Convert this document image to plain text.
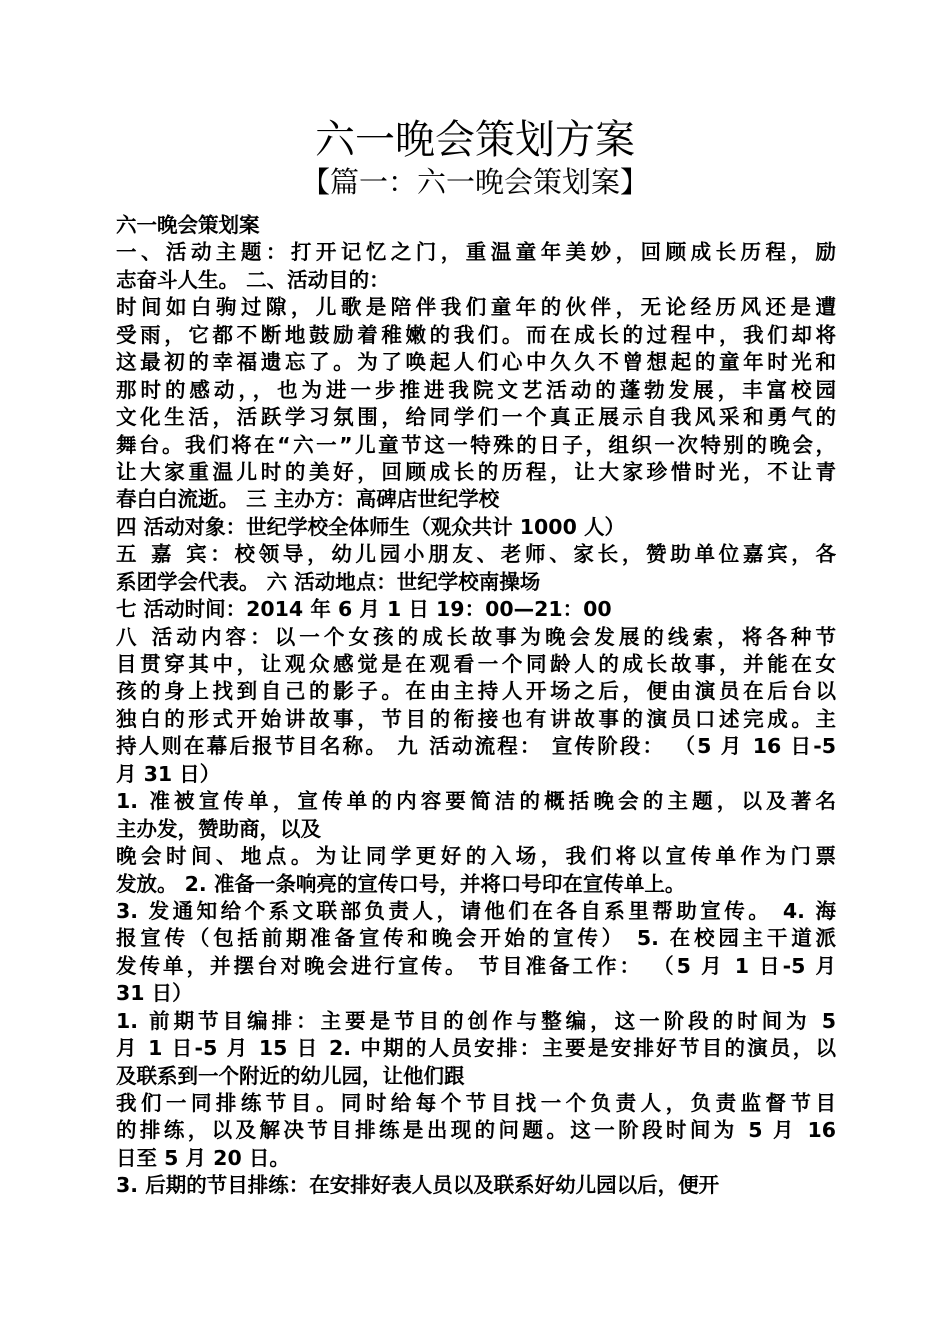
六一晚会策划方案
【篇一：六一晚会策划案】
六一晚会策划案
一、活动主题：打开记忆之门，重温童年美妙，回顾成长历程，励
志奋斗人生。 二、活动目的：
时间如白驹过隙，儿歌是陪伴我们童年的伙伴，无论经历风还是遭
受雨，它都不断地鼓励着稚嫩的我们。而在成长的过程中，我们却将
这最初的幸福遗忘了。为了唤起人们心中久久不曾想起的童年时光和
那时的感动，，也为进一步推进我院文艺活动的蓬勃发展，丰富校园
文化生活，活跃学习氛围，给同学们一个真正展示自我风采和勇气的
舞台。我们将在“六一”儿童节这一特殊的日子，组织一次特别的晚会，
让大家重温儿时的美好，回顾成长的历程，让大家珍惜时光，不让青
春白白流逝。 三 主办方：高碑店世纪学校
四 活动对象：世纪学校全体师生（观众共计 1000 人）
五 嘉 宾：校领导，幼儿园小朋友、老师、家长，赞助单位嘉宾，各
系团学会代表。 六 活动地点：世纪学校南操场
七 活动时间：2014 年 6 月 1 日 19：00—21：00
八 活动内容：以一个女孩的成长故事为晚会发展的线索，将各种节
目贯穿其中，让观众感觉是在观看一个同龄人的成长故事，并能在女
孩的身上找到自己的影子。在由主持人开场之后，便由演员在后台以
独白的形式开始讲故事，节目的衔接也有讲故事的演员口述完成。主
持人则在幕后报节目名称。 九 活动流程： 宣传阶段： （5 月 16 日-5
月 31 日）
1. 准被宣传单，宣传单的内容要简洁的概括晚会的主题，以及著名
主办发，赞助商，以及
晚会时间、地点。为让同学更好的入场，我们将以宣传单作为门票
发放。 2. 准备一条响亮的宣传口号，并将口号印在宣传单上。
3. 发通知给个系文联部负责人，请他们在各自系里帮助宣传。 4. 海
报宣传（包括前期准备宣传和晚会开始的宣传） 5. 在校园主干道派
发传单，并摆台对晚会进行宣传。 节目准备工作： （5 月 1 日-5 月
31 日）
1. 前期节目编排：主要是节目的创作与整编，这一阶段的时间为 5
月 1 日-5 月 15 日 2. 中期的人员安排：主要是安排好节目的演员，以
及联系到一个附近的幼儿园，让他们跟
我们一同排练节目。同时给每个节目找一个负责人，负责监督节目
的排练，以及解决节目排练是出现的问题。这一阶段时间为 5 月 16
日至 5 月 20 日。
3. 后期的节目排练：在安排好表人员以及联系好幼儿园以后，便开
